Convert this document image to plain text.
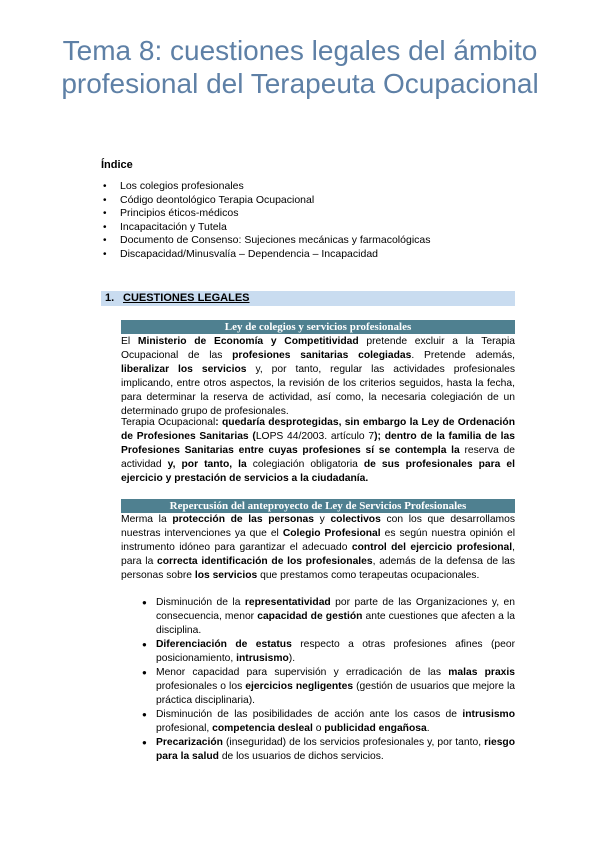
Tema 8: cuestiones legales del ámbito profesional del Terapeuta Ocupacional
Índice
• Los colegios profesionales
• Código deontológico Terapia Ocupacional
• Principios éticos-médicos
• Incapacitación y Tutela
• Documento de Consenso: Sujeciones mecánicas y farmacológicas
• Discapacidad/Minusvalía – Dependencia – Incapacidad
1. CUESTIONES LEGALES
Ley de colegios y servicios profesionales

El Ministerio de Economía y Competitividad pretende excluir a la Terapia Ocupacional de las profesiones sanitarias colegiadas. Pretende además, liberalizar los servicios y, por tanto, regular las actividades profesionales implicando, entre otros aspectos, la revisión de los criterios seguidos, hasta la fecha, para determinar la reserva de actividad, así como, la necesaria colegiación de un determinado grupo de profesionales.

Terapia Ocupacional: quedaría desprotegidas, sin embargo la Ley de Ordenación de Profesiones Sanitarias (LOPS 44/2003. artículo 7); dentro de la familia de las Profesiones Sanitarias entre cuyas profesiones sí se contempla la reserva de actividad y, por tanto, la colegiación obligatoria de sus profesionales para el ejercicio y prestación de servicios a la ciudadanía.

Repercusión del anteproyecto de Ley de Servicios Profesionales

Merma la protección de las personas y colectivos con los que desarrollamos nuestras intervenciones ya que el Colegio Profesional es según nuestra opinión el instrumento idóneo para garantizar el adecuado control del ejercicio profesional, para la correcta identificación de los profesionales, además de la defensa de las personas sobre los servicios que prestamos como terapeutas ocupacionales.

● Disminución de la representatividad por parte de las Organizaciones y, en consecuencia, menor capacidad de gestión ante cuestiones que afecten a la disciplina.
● Diferenciación de estatus respecto a otras profesiones afines (peor posicionamiento, intrusismo).
● Menor capacidad para supervisión y erradicación de las malas praxis profesionales o los ejercicios negligentes (gestión de usuarios que mejore la práctica disciplinaria).
● Disminución de las posibilidades de acción ante los casos de intrusismo profesional, competencia desleal o publicidad engañosa.
● Precarización (inseguridad) de los servicios profesionales y, por tanto, riesgo para la salud de los usuarios de dichos servicios.
